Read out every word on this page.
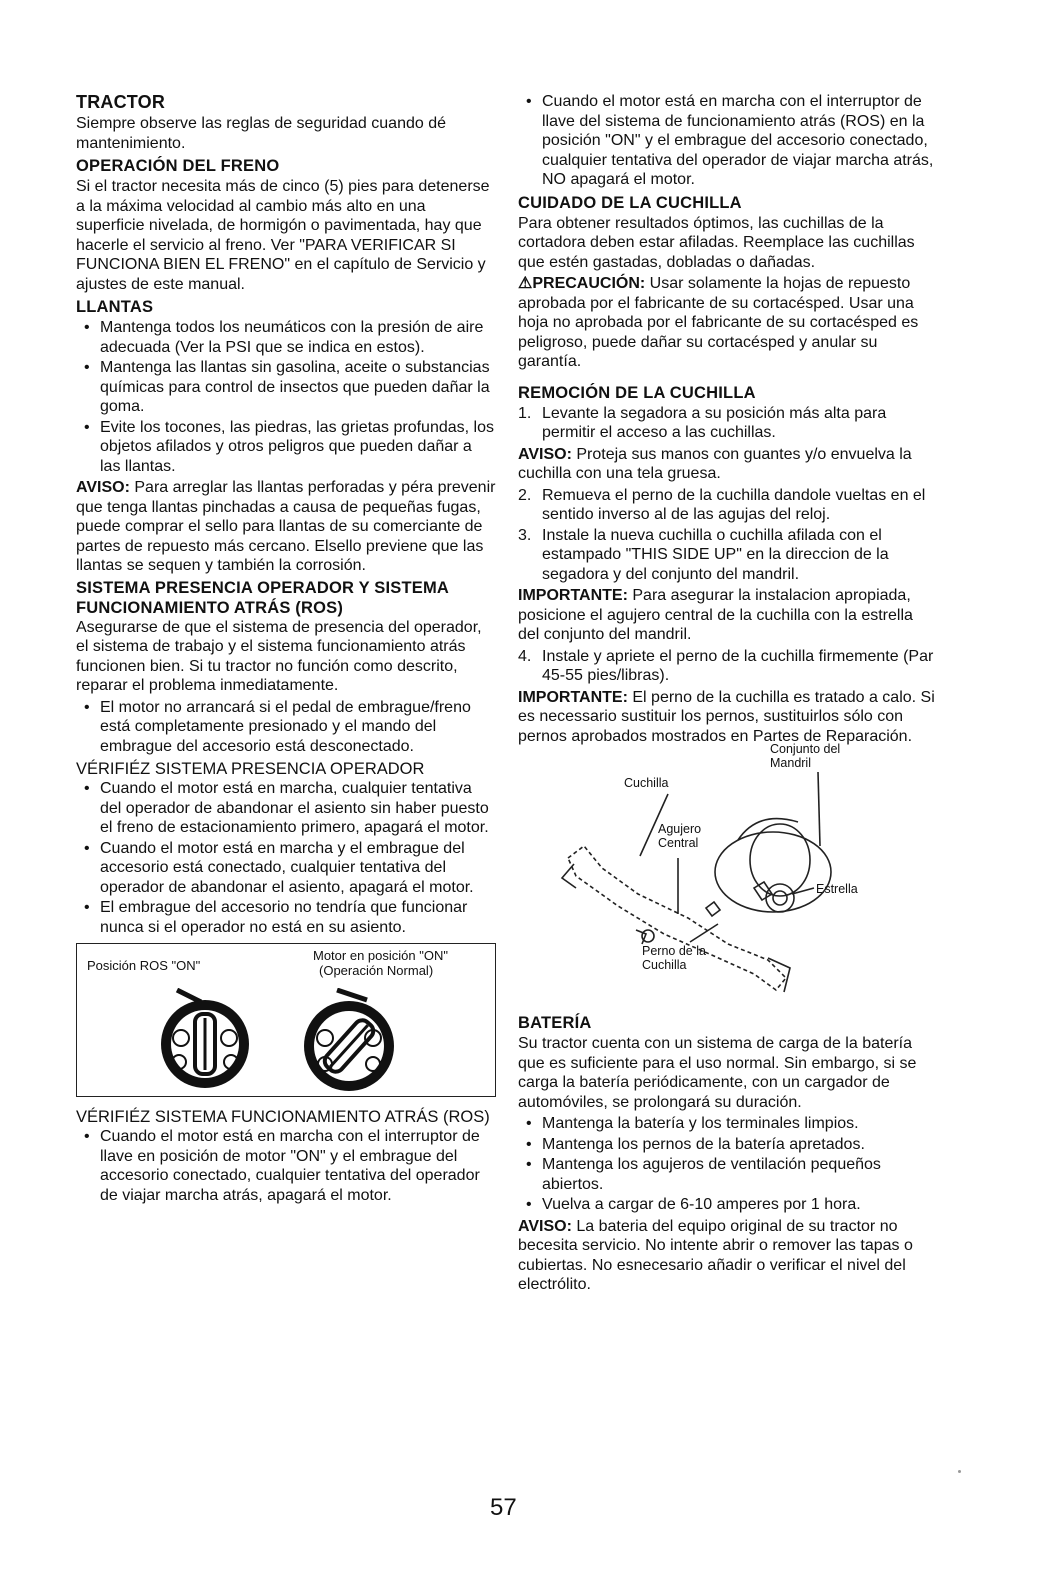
TRACTOR

Siempre observe las reglas de seguridad cuando dé mantenimiento.

OPERACIÓN DEL FRENO

Si el tractor necesita más de cinco (5) pies para detenerse a la máxima velocidad al cambio más alto en una superficie nivelada, de hormigón o pavimentada, hay que hacerle el servicio al freno. Ver "PARA VERIFICAR SI FUNCIONA BIEN EL FRENO" en el capítulo de Servicio y ajustes de este manual.

LLANTAS
• Mantenga todos los neumáticos con la presión de aire adecuada (Ver la PSI que se indica en estos).
• Mantenga las llantas sin gasolina, aceite o substancias químicas para control de insectos que pueden dañar la goma.
• Evite los tocones, las piedras, las grietas profundas, los objetos afilados y otros peligros que pueden dañar a las llantas.

AVISO: Para arreglar las llantas perforadas y péra prevenir que tenga llantas pinchadas a causa de pequeñas fugas, puede comprar el sello para llantas de su comerciante de partes de repuesto más cercano. Elsello previene que las llantas se sequen y también la corrosión.

SISTEMA PRESENCIA OPERADOR Y SISTEMA FUNCIONAMIENTO ATRÁS (ROS)

Asegurarse de que el sistema de presencia del operador, el sistema de trabajo y el sistema funcionamiento atrás funcionen bien. Si tu tractor no función como descrito, reparar el problema inmediatamente.

• El motor no arrancará si el pedal de embrague/freno está completamente presionado y el mando del embrague del accesorio está desconectado.

VÉRIFIÉZ SISTEMA PRESENCIA OPERADOR

• Cuando el motor está en marcha, cualquier tentativa del operador de abandonar el asiento sin haber puesto el freno de estacionamiento primero, apagará el motor.
• Cuando el motor está en marcha y el embrague del accesorio está conectado, cualquier tentativa del operador de abandonar el asiento, apagará el motor.
• El embrague del accesorio no tendría que funcionar nunca si el operador no está en su asiento.
Posición ROS "ON"
Motor en posición "ON"
(Operación Normal)

VÉRIFIÉZ SISTEMA FUNCIONAMIENTO ATRÁS (ROS)

• Cuando el motor está en marcha con el interruptor de llave en posición de motor "ON" y el embrague del accesorio conectado, cualquier tentativa del operador de viajar marcha atrás, apagará el motor.
• Cuando el motor está en marcha con el interruptor de llave del sistema de funcionamiento atrás (ROS) en la posición "ON" y el embrague del accesorio conectado, cualquier tentativa del operador de viajar marcha atrás, NO apagará el motor.
CUIDADO DE LA CUCHILLA

Para obtener resultados óptimos, las cuchillas de la cortadora deben estar afiladas. Reemplace las cuchillas que estén gastadas, dobladas o dañadas.

⚠PRECAUCIÓN: Usar solamente la hojas de repuesto aprobada por el fabricante de su cortacésped. Usar una hoja no aprobada por el fabricante de su cortacésped es peligroso, puede dañar su cortacésped y anular su garantía.

REMOCIÓN DE LA CUCHILLA
1. Levante la segadora a su posición más alta para permitir el acceso a las cuchillas.

AVISO: Proteja sus manos con guantes y/o envuelva la cuchilla con una tela gruesa.

2. Remueva el perno de la cuchilla dandole vueltas en el sentido inverso al de las agujas del reloj.
3. Instale la nueva cuchilla o cuchilla afilada con el estampado "THIS SIDE UP" en la direccion de la segadora y del conjunto del mandril.

IMPORTANTE: Para asegurar la instalacion apropiada, posicione el agujero central de la cuchilla con la estrella del conjunto del mandril.

4. Instale y apriete el perno de la cuchilla firmemente (Par 45-55 pies/libras).

IMPORTANTE: El perno de la cuchilla es tratado a calo. Si es necessario sustituir los pernos, sustituirlos sólo con pernos aprobados mostrados en Partes de Reparación.

Conjunto del Mandril
Cuchilla
Agujero Central
Estrella
Perno de la Cuchilla
BATERÍA

Su tractor cuenta con un sistema de carga de la batería que es suficiente para el uso normal. Sin embargo, si se carga la batería periódicamente, con un cargador de automóviles, se prolongará su duración.

• Mantenga la batería y los terminales limpios.
• Mantenga los pernos de la batería apretados.
• Mantenga los agujeros de ventilación pequeños abiertos.
• Vuelva a cargar de 6-10 amperes por 1 hora.

AVISO: La bateria del equipo original de su tractor no becesita servicio. No intente abrir o remover las tapas o cubiertas. No esnecesario añadir o verificar el nivel del electrólito.

57
